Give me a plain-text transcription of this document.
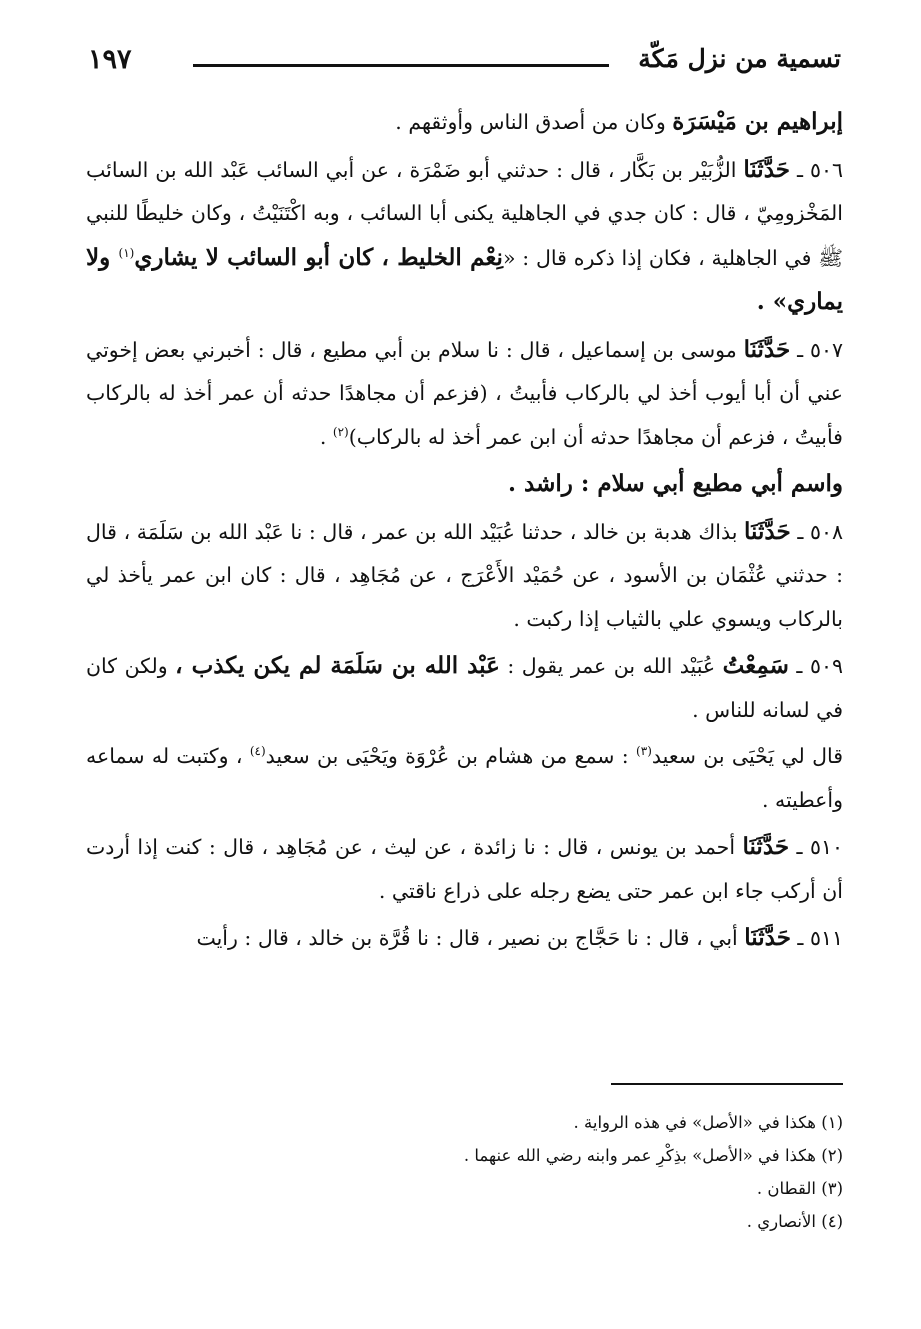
تسمية من نزل مَكّة
١٩٧

إبراهيم بن مَيْسَرَة وكان من أصدق الناس وأوثقهم .

٥٠٦ ـ حَدَّثَنَا الزُّبَيْر بن بَكَّار ، قال : حدثني أبو ضَمْرَة ، عن أبي السائب عَبْد الله بن السائب المَخْزومِيّ ، قال : كان جدي في الجاهلية يكنى أبا السائب ، وبه اكْتَنَيْتُ ، وكان خليطًا للنبي ﷺ في الجاهلية ، فكان إذا ذكره قال : «نِعْم الخليط ، كان أبو السائب لا يشاري$^{(١)}$ ولا يماري» .

٥٠٧ ـ حَدَّثَنَا موسى بن إسماعيل ، قال : نا سلام بن أبي مطيع ، قال : أخبرني بعض إخوتي عني أن أبا أيوب أخذ لي بالركاب فأبيتُ ، (فزعم أن مجاهدًا حدثه أن عمر أخذ له بالركاب فأبيتُ ، فزعم أن مجاهدًا حدثه أن ابن عمر أخذ له بالركاب)$^{(٢)}$ .

واسم أبي مطيع أبي سلام : راشد .

٥٠٨ ـ حَدَّثَنَا بذاك هدبة بن خالد ، حدثنا عُبَيْد الله بن عمر ، قال : نا عَبْد الله بن سَلَمَة ، قال : حدثني عُثْمَان بن الأسود ، عن حُمَيْد الأَعْرَج ، عن مُجَاهِد ، قال : كان ابن عمر يأخذ لي بالركاب ويسوي علي بالثياب إذا ركبت .

٥٠٩ ـ سَمِعْتُ عُبَيْد الله بن عمر يقول : عَبْد الله بن سَلَمَة لم يكن يكذب ، ولكن كان في لسانه للناس .

قال لي يَحْيَى بن سعيد$^{(٣)}$ : سمع من هشام بن عُرْوَة ويَحْيَى بن سعيد$^{(٤)}$ ، وكتبت له سماعه وأعطيته .

٥١٠ ـ حَدَّثَنَا أحمد بن يونس ، قال : نا زائدة ، عن ليث ، عن مُجَاهِد ، قال : كنت إذا أردت أن أركب جاء ابن عمر حتى يضع رجله على ذراع ناقتي .

٥١١ ـ حَدَّثَنَا أبي ، قال : نا حَجَّاج بن نصير ، قال : نا قُرَّة بن خالد ، قال : رأيت

(١) هكذا في «الأصل» في هذه الرواية .

(٢) هكذا في «الأصل» بذِكْرِ عمر وابنه رضي الله عنهما .

(٣) القطان .

(٤) الأنصاري .
